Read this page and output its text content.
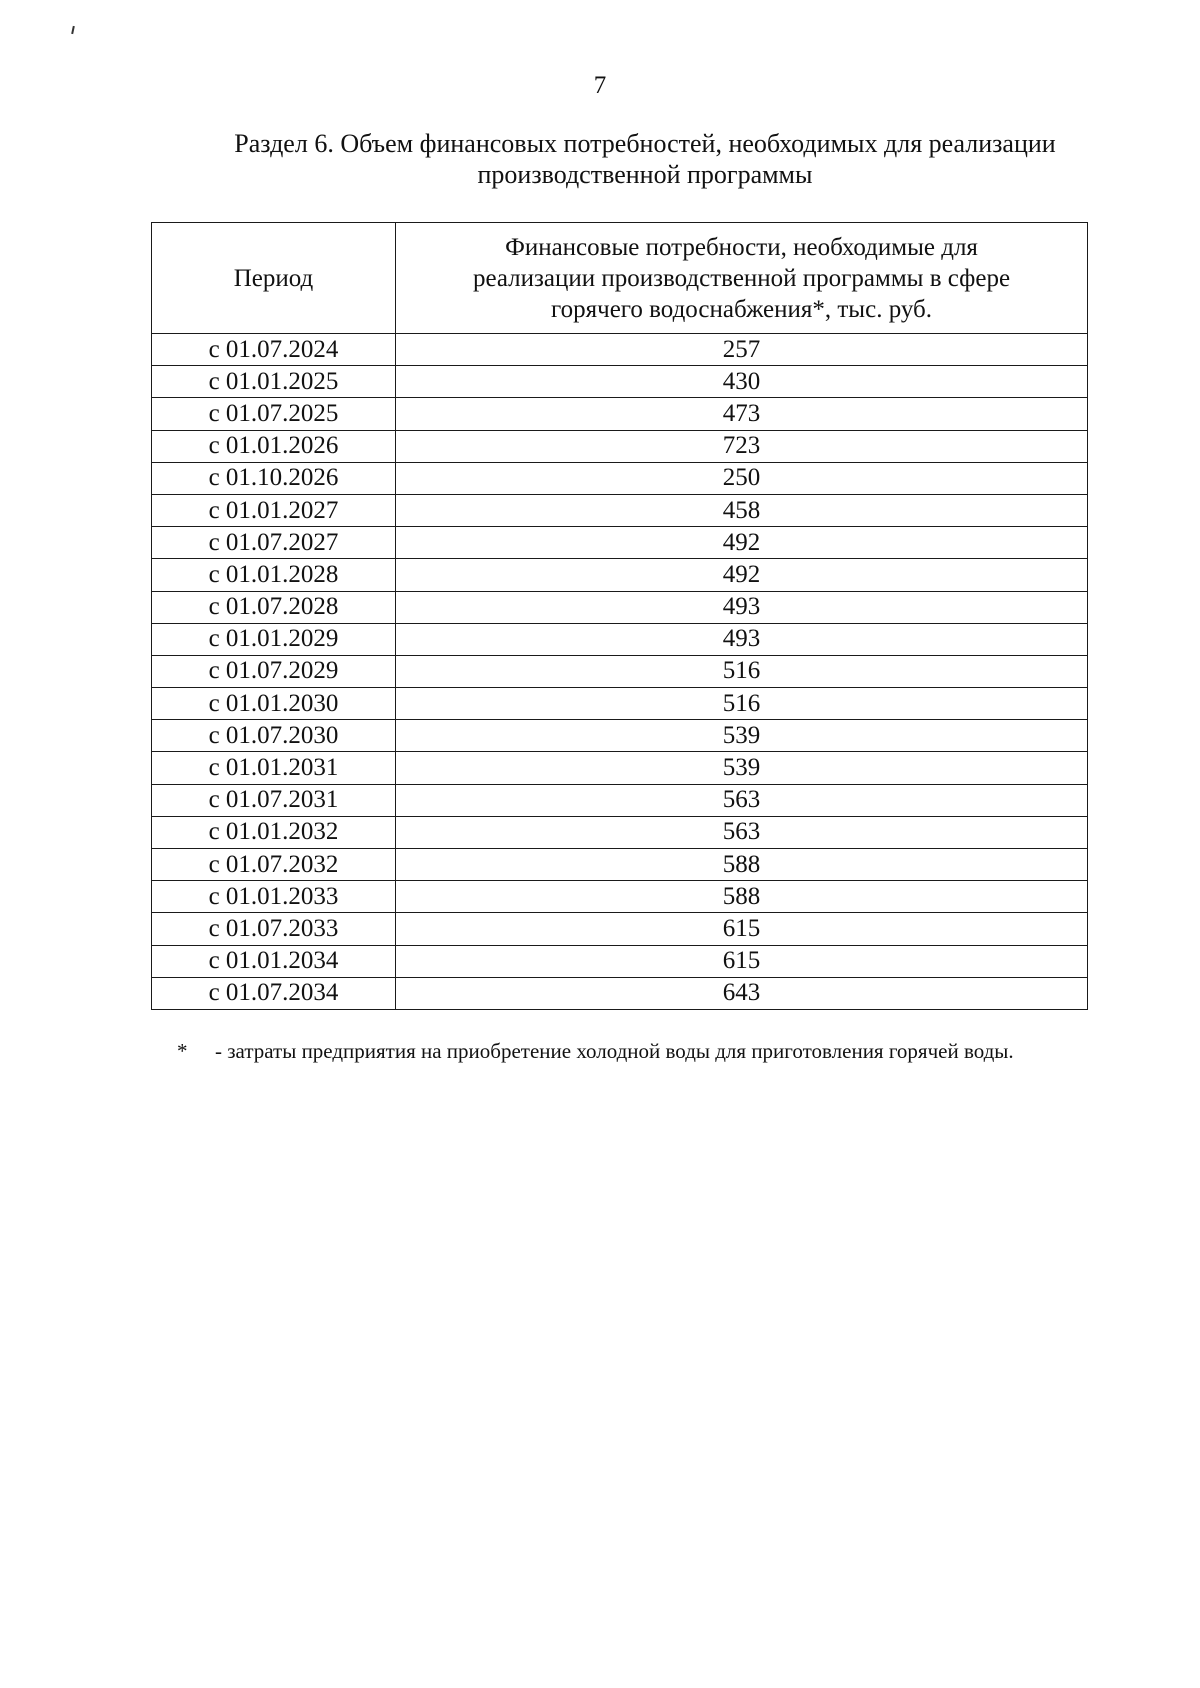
7
Раздел 6. Объем финансовых потребностей, необходимых для реализации
производственной программы
Период	Финансовые потребности, необходимые для
реализации производственной программы в сфере
горячего водоснабжения*, тыс. руб.

с 01.07.2024	257
с 01.01.2025	430
с 01.07.2025	473
с 01.01.2026	723
с 01.10.2026	250
с 01.01.2027	458
с 01.07.2027	492
с 01.01.2028	492
с 01.07.2028	493
с 01.01.2029	493
с 01.07.2029	516
с 01.01.2030	516
с 01.07.2030	539
с 01.01.2031	539
с 01.07.2031	563
с 01.01.2032	563
с 01.07.2032	588
с 01.01.2033	588
с 01.07.2033	615
с 01.01.2034	615
с 01.07.2034	643
* - затраты предприятия на приобретение холодной воды для приготовления горячей воды.
